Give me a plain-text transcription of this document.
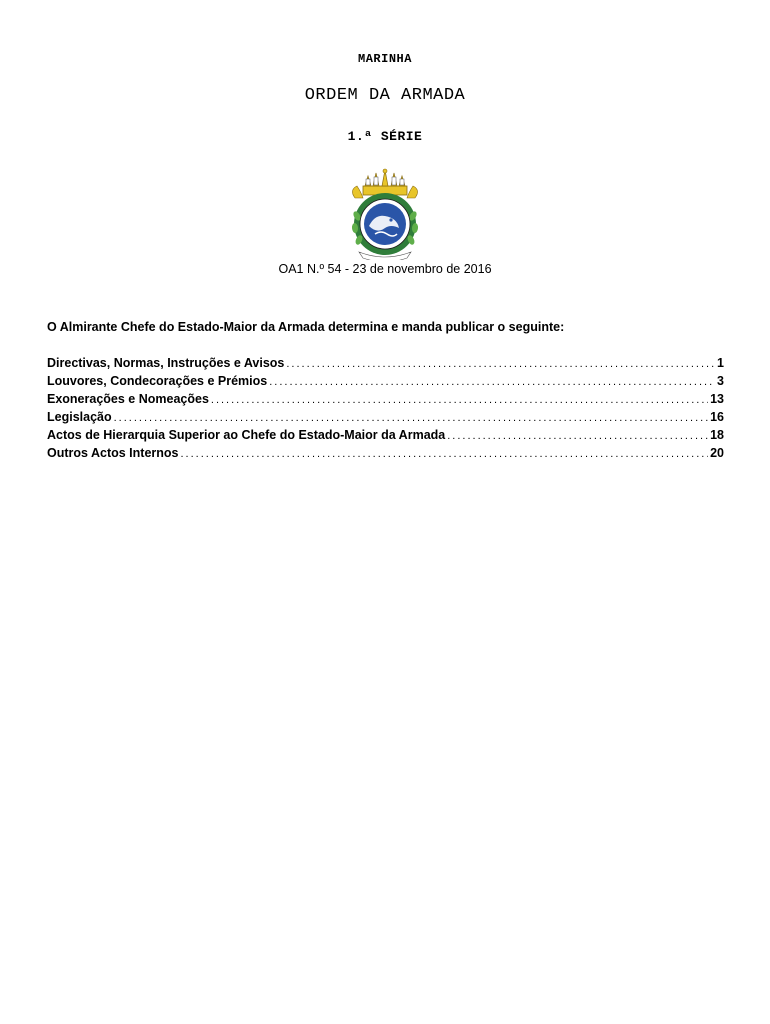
MARINHA
ORDEM DA ARMADA
1.ª SÉRIE
OA1 N.º 54 - 23 de novembro de 2016
O Almirante Chefe do Estado-Maior da Armada determina e manda publicar o seguinte:
Directivas, Normas, Instruções e Avisos .....	1
Louvores, Condecorações e Prémios .....	3
Exonerações e Nomeações .....	13
Legislação .....	16
Actos de Hierarquia Superior ao Chefe do Estado-Maior da Armada .....	18
Outros Actos Internos .....	20
